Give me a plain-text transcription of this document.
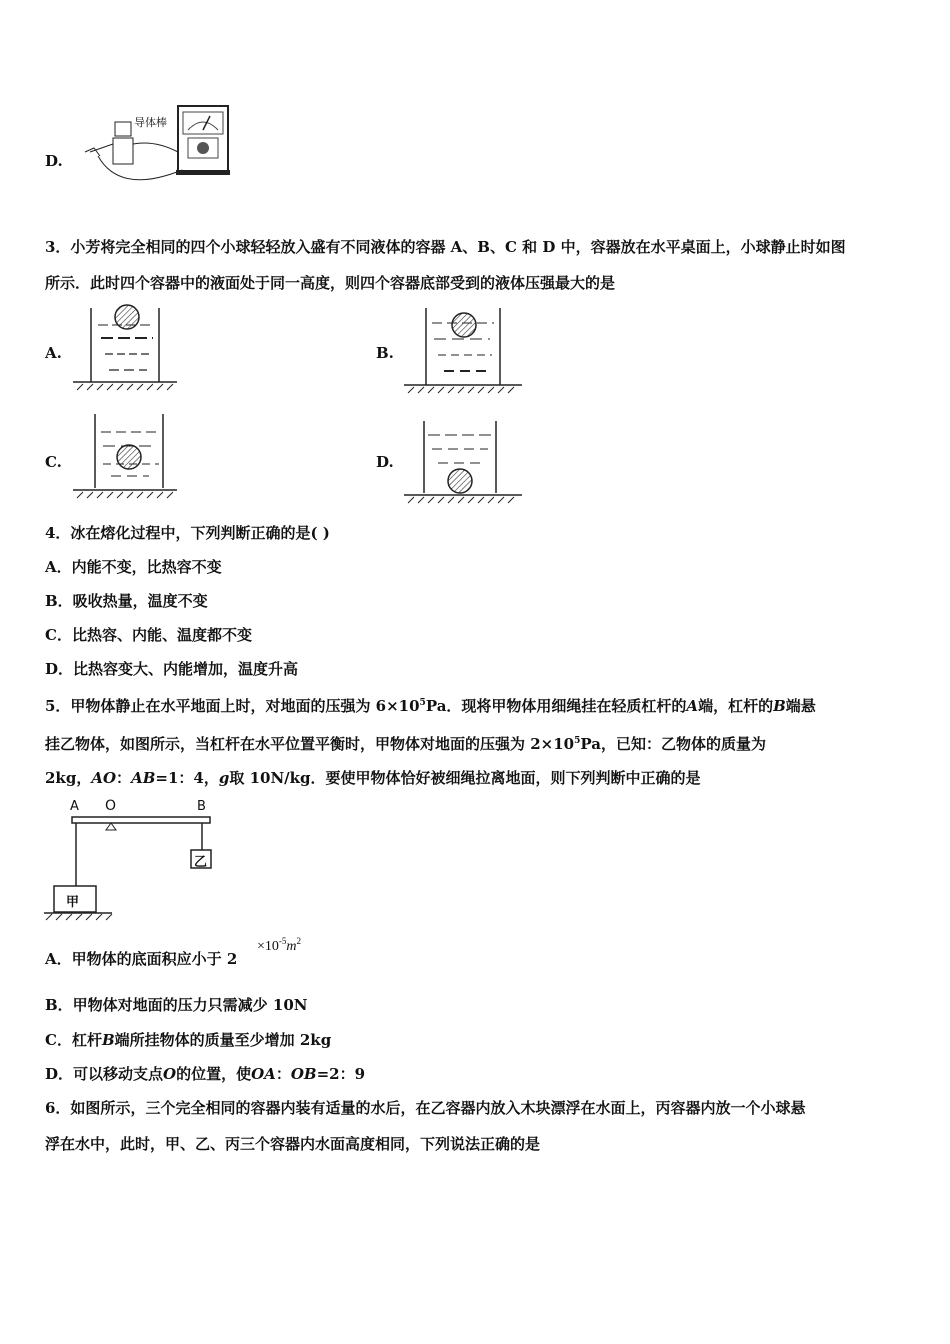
D.
导体棒
3．小芳将完全相同的四个小球轻轻放入盛有不同液体的容器 A、B、C 和 D 中，容器放在水平桌面上，小球静止时如图
所示．此时四个容器中的液面处于同一高度，则四个容器底部受到的液体压强最大的是
A.	B.
C.	D.
4．冰在熔化过程中，下列判断正确的是( )
A．内能不变，比热容不变
B．吸收热量，温度不变
C．比热容、内能、温度都不变
D．比热容变大、内能增加，温度升高
5．甲物体静止在水平地面上时，对地面的压强为 $6\times 10^5Pa$．现将甲物体用细绳挂在轻质杠杆的A端，杠杆的B端悬
挂乙物体，如图所示，当杠杆在水平位置平衡时，甲物体对地面的压强为 $2\times 10^5Pa$，已知：乙物体的质量为
2kg，AO：AB=1：4，g取 10N/kg．要使甲物体恰好被细绳拉离地面，则下列判断中正确的是
A O	B
甲
乙
A．甲物体的底面积应小于 2
$\times 10^{-5}m^2$
B．甲物体对地面的压力只需减少 10N
C．杠杆B端所挂物体的质量至少增加 2kg
D．可以移动支点O的位置，使OA：OB=2：9
6．如图所示，三个完全相同的容器内装有适量的水后，在乙容器内放入木块漂浮在水面上，丙容器内放一个小球悬
浮在水中，此时，甲、乙、丙三个容器内水面高度相同，下列说法正确的是
